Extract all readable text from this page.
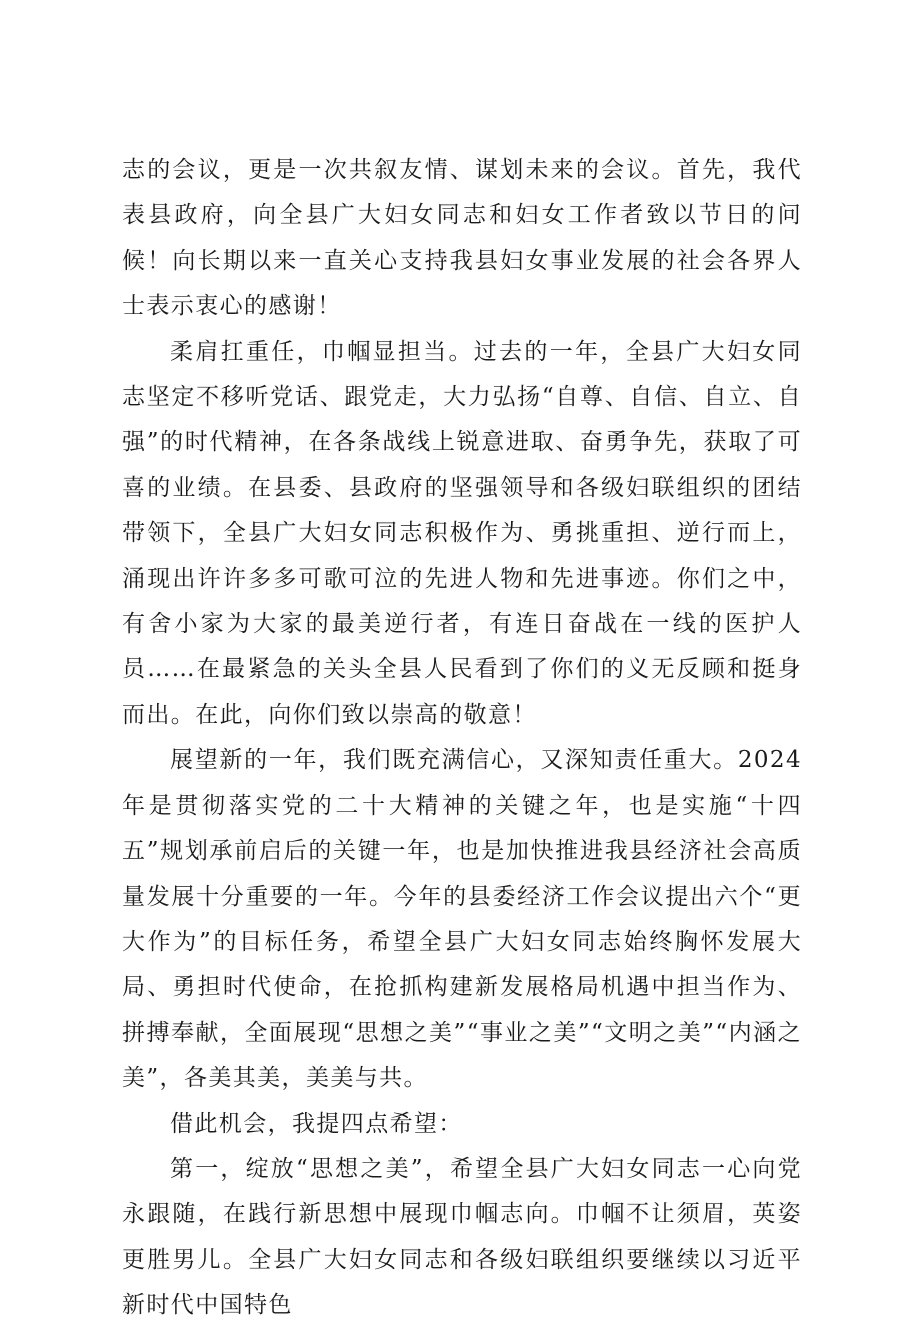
志的会议，更是一次共叙友情、谋划未来的会议。首先，我代表县政府，向全县广大妇女同志和妇女工作者致以节日的问候！向长期以来一直关心支持我县妇女事业发展的社会各界人士表示衷心的感谢！

柔肩扛重任，巾帼显担当。过去的一年，全县广大妇女同志坚定不移听党话、跟党走，大力弘扬“自尊、自信、自立、自强”的时代精神，在各条战线上锐意进取、奋勇争先，获取了可喜的业绩。在县委、县政府的坚强领导和各级妇联组织的团结带领下，全县广大妇女同志积极作为、勇挑重担、逆行而上，涌现出许许多多可歌可泣的先进人物和先进事迹。你们之中，有舍小家为大家的最美逆行者，有连日奋战在一线的医护人员……在最紧急的关头全县人民看到了你们的义无反顾和挺身而出。在此，向你们致以崇高的敬意！

展望新的一年，我们既充满信心，又深知责任重大。2024年是贯彻落实党的二十大精神的关键之年，也是实施“十四五”规划承前启后的关键一年，也是加快推进我县经济社会高质量发展十分重要的一年。今年的县委经济工作会议提出六个“更大作为”的目标任务，希望全县广大妇女同志始终胸怀发展大局、勇担时代使命，在抢抓构建新发展格局机遇中担当作为、拼搏奉献，全面展现“思想之美”“事业之美”“文明之美”“内涵之美”，各美其美，美美与共。

借此机会，我提四点希望：

第一，绽放“思想之美”，希望全县广大妇女同志一心向党永跟随，在践行新思想中展现巾帼志向。巾帼不让须眉，英姿更胜男儿。全县广大妇女同志和各级妇联组织要继续以习近平新时代中国特色
